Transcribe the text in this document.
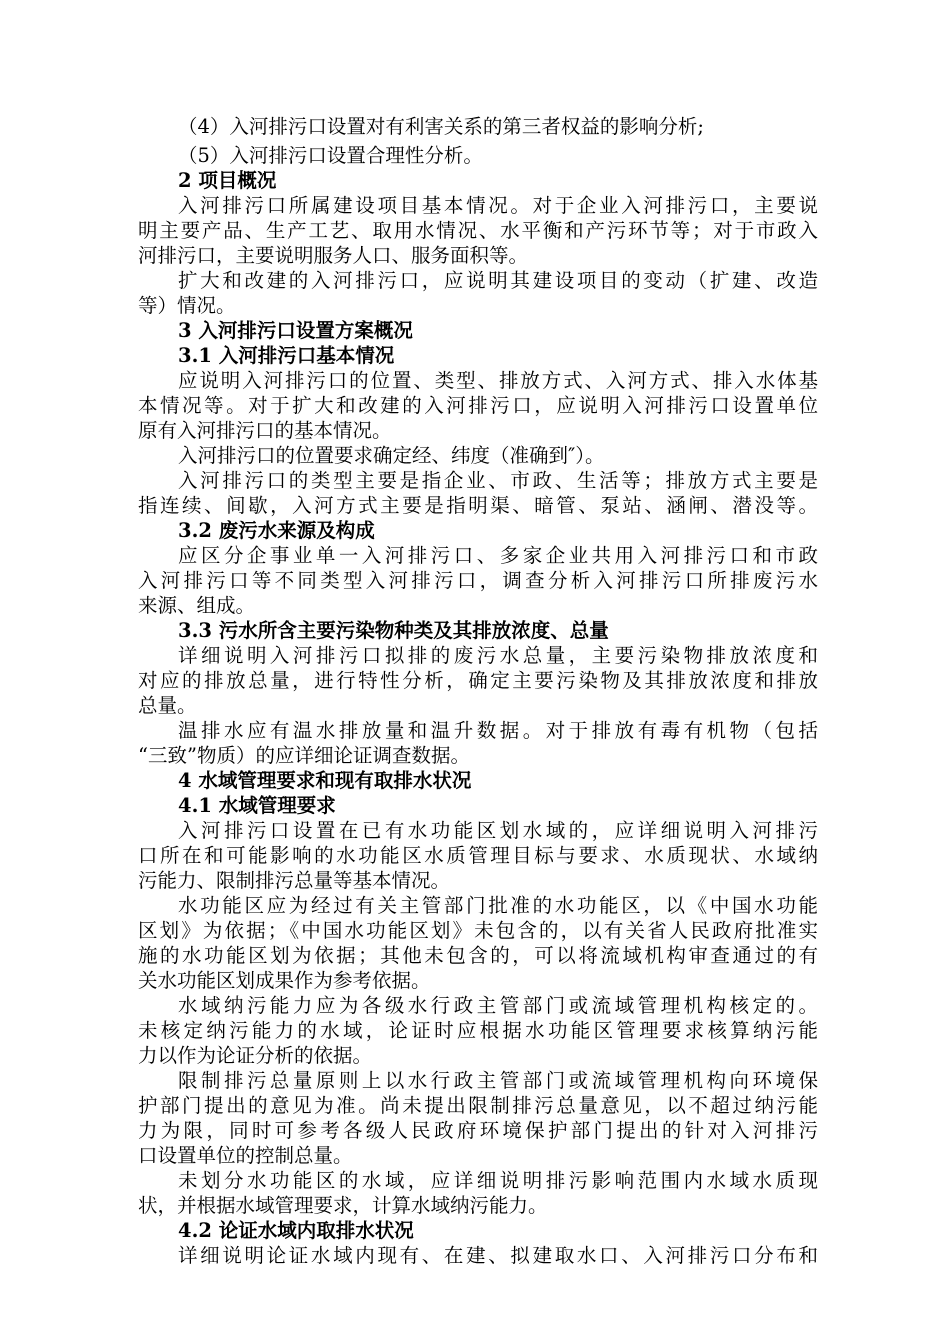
（4）入河排污口设置对有利害关系的第三者权益的影响分析;
（5）入河排污口设置合理性分析。
2 项目概况
入河排污口所属建设项目基本情况。对于企业入河排污口，主要说
明主要产品、生产工艺、取用水情况、水平衡和产污环节等；对于市政入
河排污口，主要说明服务人口、服务面积等。
扩大和改建的入河排污口，应说明其建设项目的变动（扩建、改造
等）情况。
3 入河排污口设置方案概况
3.1 入河排污口基本情况
应说明入河排污口的位置、类型、排放方式、入河方式、排入水体基
本情况等。对于扩大和改建的入河排污口，应说明入河排污口设置单位
原有入河排污口的基本情况。
入河排污口的位置要求确定经、纬度（准确到″）。
入河排污口的类型主要是指企业、市政、生活等；排放方式主要是
指连续、间歇，入河方式主要是指明渠、暗管、泵站、涵闸、潜没等。
3.2 废污水来源及构成
应区分企事业单一入河排污口、多家企业共用入河排污口和市政
入河排污口等不同类型入河排污口，调查分析入河排污口所排废污水
来源、组成。
3.3 污水所含主要污染物种类及其排放浓度、总量
详细说明入河排污口拟排的废污水总量，主要污染物排放浓度和
对应的排放总量，进行特性分析，确定主要污染物及其排放浓度和排放
总量。
温排水应有温水排放量和温升数据。对于排放有毒有机物（包括
“三致”物质）的应详细论证调查数据。
4 水域管理要求和现有取排水状况
4.1 水域管理要求
入河排污口设置在已有水功能区划水域的，应详细说明入河排污
口所在和可能影响的水功能区水质管理目标与要求、水质现状、水域纳
污能力、限制排污总量等基本情况。
水功能区应为经过有关主管部门批准的水功能区，以《中国水功能
区划》为依据；《中国水功能区划》未包含的，以有关省人民政府批准实
施的水功能区划为依据；其他未包含的，可以将流域机构审查通过的有
关水功能区划成果作为参考依据。
水域纳污能力应为各级水行政主管部门或流域管理机构核定的。
未核定纳污能力的水域，论证时应根据水功能区管理要求核算纳污能
力以作为论证分析的依据。
限制排污总量原则上以水行政主管部门或流域管理机构向环境保
护部门提出的意见为准。尚未提出限制排污总量意见，以不超过纳污能
力为限，同时可参考各级人民政府环境保护部门提出的针对入河排污
口设置单位的控制总量。
未划分水功能区的水域，应详细说明排污影响范围内水域水质现
状，并根据水域管理要求，计算水域纳污能力。
4.2 论证水域内取排水状况
详细说明论证水域内现有、在建、拟建取水口、入河排污口分布和
